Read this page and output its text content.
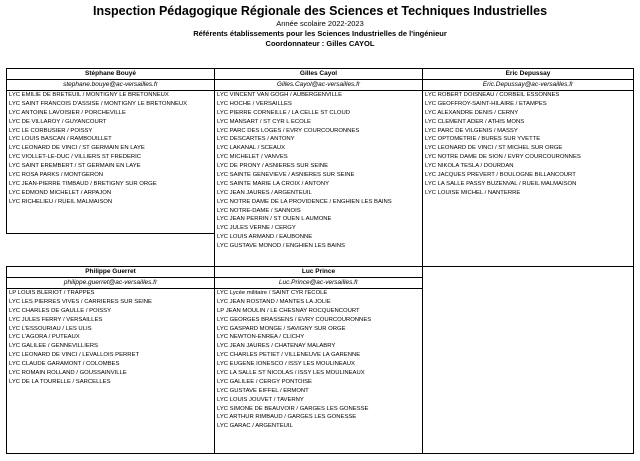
Inspection Pédagogique Régionale des Sciences et Techniques Industrielles
Année scolaire 2022-2023
Référents établissements pour les Sciences Industrielles de l'ingénieur
Coordonnateur : Gilles CAYOL
Stéphane Bouyé
stephane.bouye@ac-versailles.fr
LYC EMILIE DE BRETEUIL / MONTIGNY LE BRETONNEUX
LYC SAINT FRANCOIS D'ASSISE / MONTIGNY LE BRETONNEUX
LYC ANTOINE LAVOISIER / PORCHEVILLE
LYC DE VILLAROY / GUYANCOURT
LYC LE CORBUSIER / POISSY
LYC LOUIS BASCAN / RAMBOUILLET
LYC LEONARD DE VINCI / ST GERMAIN EN LAYE
LYC VIOLLET-LE-DUC / VILLIERS ST FREDERIC
LYC SAINT EREMBERT / ST GERMAIN EN LAYE
LYC ROSA PARKS / MONTGERON
LYC JEAN-PIERRE TIMBAUD / BRETIGNY SUR ORGE
LYC EDMOND MICHELET / ARPAJON
LYC RICHELIEU / RUEIL MALMAISON
Gilles Cayol
Gilles.Cayol@ac-versailles.fr
LYC VINCENT VAN GOGH / AUBERGENVILLE
LYC HOCHE / VERSAILLES
LYC PIERRE CORNEILLE / LA CELLE ST CLOUD
LYC MANSART / ST CYR L ECOLE
LYC PARC DES LOGES / EVRY COURCOURONNES
LYC DESCARTES / ANTONY
LYC LAKANAL / SCEAUX
LYC MICHELET / VANVES
LYC DE PRONY / ASNIERES SUR SEINE
LYC SAINTE GENEVIEVE / ASNIERES SUR SEINE
LYC SAINTE MARIE LA CROIX / ANTONY
LYC JEAN JAURES / ARGENTEUIL
LYC NOTRE DAME DE LA PROVIDENCE / ENGHIEN LES BAINS
LYC NOTRE-DAME / SANNOIS
LYC JEAN PERRIN / ST OUEN L AUMONE
LYC JULES VERNE / CERGY
LYC LOUIS ARMAND / EAUBONNE
LYC GUSTAVE MONOD / ENGHIEN LES BAINS
Eric Depussay
Eric.Depussay@ac-versailles.fr
LYC ROBERT DOISNEAU / CORBEIL ESSONNES
LYC GEOFFROY-SAINT-HILAIRE / ETAMPES
LYC ALEXANDRE DENIS / CERNY
LYC CLEMENT ADER / ATHIS MONS
LYC PARC DE VILGENIS / MASSY
LYC OPTOMETRIE / BURES SUR YVETTE
LYC LEONARD DE VINCI / ST MICHEL SUR ORGE
LYC NOTRE DAME DE SION / EVRY COURCOURONNES
LYC NIKOLA TESLA / DOURDAN
LYC JACQUES PREVERT / BOULOGNE BILLANCOURT
LYC LA SALLE PASSY BUZENVAL / RUEIL MALMAISON
LYC LOUISE MICHEL / NANTERRE
Philippe Guerret
philippe.guerret@ac-versailles.fr
LP LOUIS BLERIOT / TRAPPES
LYC LES PIERRES VIVES / CARRIERES SUR SEINE
LYC CHARLES DE GAULLE / POISSY
LYC JULES FERRY / VERSAILLES
LYC L'ESSOURIAU / LES ULIS
LYC L'AGORA / PUTEAUX
LYC GALILEE / GENNEVILLIERS
LYC LEONARD DE VINCI / LEVALLOIS PERRET
LYC CLAUDE GARAMONT / COLOMBES
LYC ROMAIN ROLLAND / GOUSSAINVILLE
LYC DE LA TOURELLE / SARCELLES
Luc Prince
Luc.Prince@ac-versailles.fr
LYC Lycée militaire / SAINT CYR l'ECOLE
LYC JEAN ROSTAND / MANTES LA JOLIE
LP JEAN MOULIN / LE CHESNAY ROCQUENCOURT
LYC GEORGES BRASSENS / EVRY COURCOURONNES
LYC GASPARD MONGE / SAVIGNY SUR ORGE
LYC NEWTON-ENREA / CLICHY
LYC JEAN JAURES / CHATENAY MALABRY
LYC CHARLES PETIET / VILLENEUVE LA GARENNE
LYC EUGENE IONESCO / ISSY LES MOULINEAUX
LYC LA SALLE ST NICOLAS / ISSY LES MOULINEAUX
LYC GALILEE / CERGY PONTOISE
LYC GUSTAVE EIFFEL / ERMONT
LYC LOUIS JOUVET / TAVERNY
LYC SIMONE DE BEAUVOIR / GARGES LES GONESSE
LYC ARTHUR RIMBAUD / GARGES LES GONESSE
LYC GARAC / ARGENTEUIL
